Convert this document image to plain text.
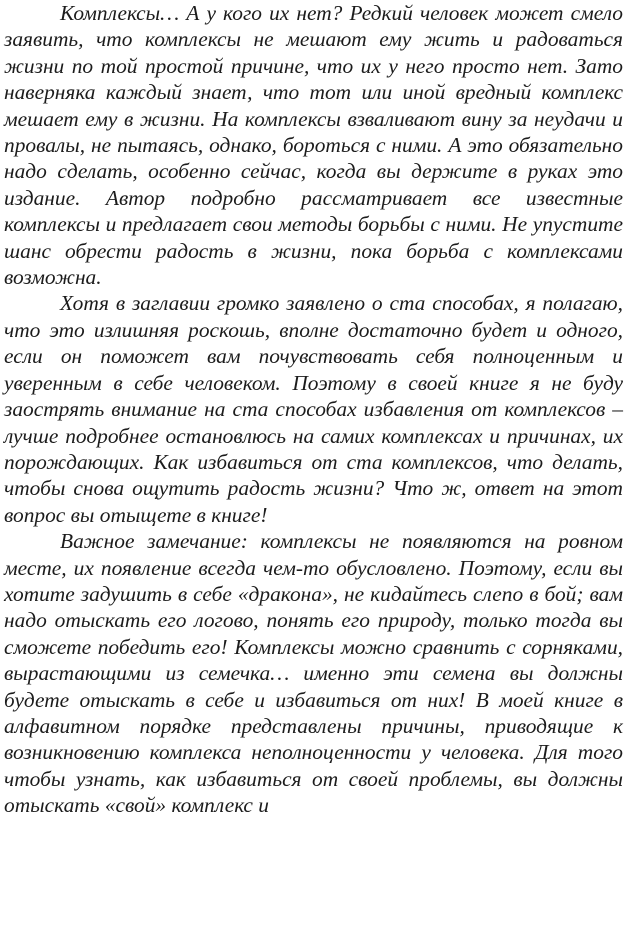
Комплексы… А у кого их нет? Редкий человек может смело заявить, что комплексы не мешают ему жить и радоваться жизни по той простой причине, что их у него просто нет. Зато наверняка каждый знает, что тот или иной вредный комплекс мешает ему в жизни. На комплексы взваливают вину за неудачи и провалы, не пытаясь, однако, бороться с ними. А это обязательно надо сделать, особенно сейчас, когда вы держите в руках это издание. Автор подробно рассматривает все известные комплексы и предлагает свои методы борьбы с ними. Не упустите шанс обрести радость в жизни, пока борьба с комплексами возможна.

Хотя в заглавии громко заявлено о ста способах, я полагаю, что это излишняя роскошь, вполне достаточно будет и одного, если он поможет вам почувствовать себя полноценным и уверенным в себе человеком. Поэтому в своей книге я не буду заострять внимание на ста способах избавления от комплексов – лучше подробнее остановлюсь на самих комплексах и причинах, их порождающих. Как избавиться от ста комплексов, что делать, чтобы снова ощутить радость жизни? Что ж, ответ на этот вопрос вы отыщете в книге!

Важное замечание: комплексы не появляются на ровном месте, их появление всегда чем-то обусловлено. Поэтому, если вы хотите задушить в себе «дракона», не кидайтесь слепо в бой; вам надо отыскать его логово, понять его природу, только тогда вы сможете победить его! Комплексы можно сравнить с сорняками, вырастающими из семечка… именно эти семена вы должны будете отыскать в себе и избавиться от них! В моей книге в алфавитном порядке представлены причины, приводящие к возникновению комплекса неполноценности у человека. Для того чтобы узнать, как избавиться от своей проблемы, вы должны отыскать «свой» комплекс и
